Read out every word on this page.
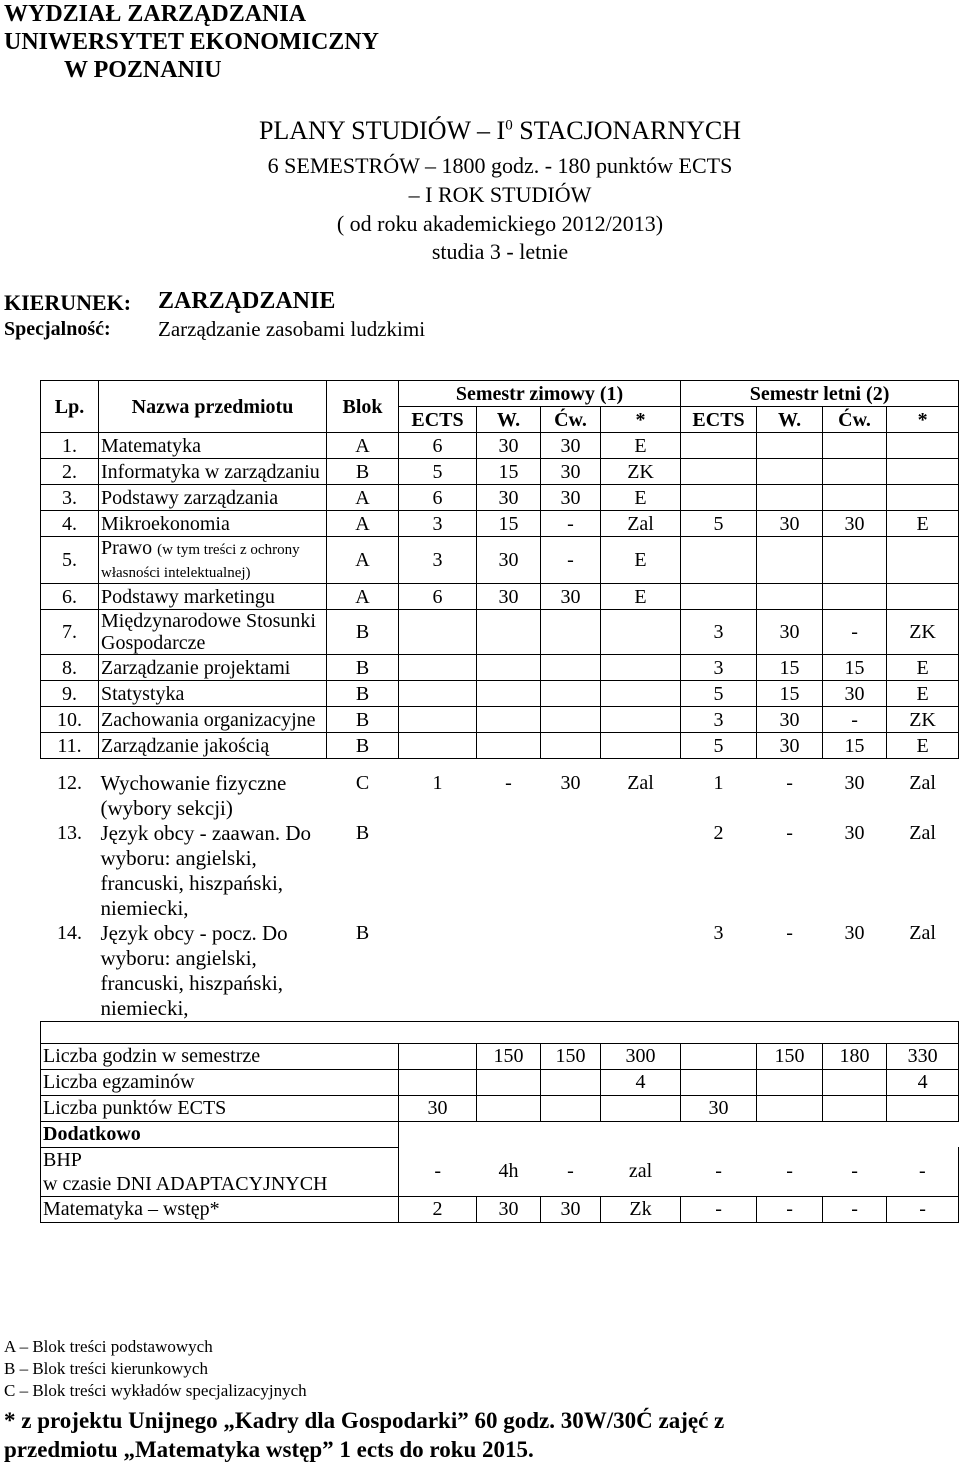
WYDZIAŁ ZARZĄDZANIA
UNIWERSYTET EKONOMICZNY
W POZNANIU
PLANY STUDIÓW – $I^0$ STACJONARNYCH
6 SEMESTRÓW – 1800 godz. - 180 punktów ECTS
– I ROK STUDIÓW
( od roku akademickiego 2012/2013)
studia 3 - letnie
KIERUNEK: ZARZĄDZANIE
Specjalność: Zarządzanie zasobami ludzkimi
Lp.	Nazwa przedmiotu	Blok	Semestr zimowy (1)				Semestr letni (2)			
			ECTS	W.	Ćw.	*	ECTS	W.	Ćw.	*
1.	Matematyka	A	6	30	30	E				
2.	Informatyka w zarządzaniu	B	5	15	30	ZK				
3.	Podstawy zarządzania	A	6	30	30	E				
4.	Mikroekonomia	A	3	15	-	Zal	5	30	30	E
5.	Prawo (w tym treści z ochrony własności intelektualnej)	A	3	30	-	E				
6.	Podstawy marketingu	A	6	30	30	E				
7.	Międzynarodowe Stosunki Gospodarcze	B					3	30	-	ZK
8.	Zarządzanie projektami	B					3	15	15	E
9.	Statystyka	B					5	15	30	E
10.	Zachowania organizacyjne	B					3	30	-	ZK
11.	Zarządzanie jakością	B					5	30	15	E

12.	Wychowanie fizyczne (wybory sekcji)	C	1	-	30	Zal	1	-	30	Zal
13.	Język obcy - zaawan. Do wyboru: angielski, francuski, hiszpański, niemiecki,	B					2	-	30	Zal
14.	Język obcy - pocz. Do wyboru: angielski, francuski, hiszpański, niemiecki,	B					3	-	30	Zal

Liczba godzin w semestrze				150	150	300		150	180	330
Liczba egzaminów						4				4
Liczba punktów ECTS			30				30			
Dodatkowo										
BHP
w czasie DNI ADAPTACYJNYCH			-	4h	-	zal	-	-	-	-
Matematyka – wstęp*			2	30	30	Zk	-	-	-	-
A – Blok treści podstawowych
B – Blok treści kierunkowych
C – Blok treści wykładów specjalizacyjnych
* z projektu Unijnego „Kadry dla Gospodarki” 60 godz. 30W/30Ć zajęć z
przedmiotu „Matematyka wstęp” 1 ects do roku 2015.
